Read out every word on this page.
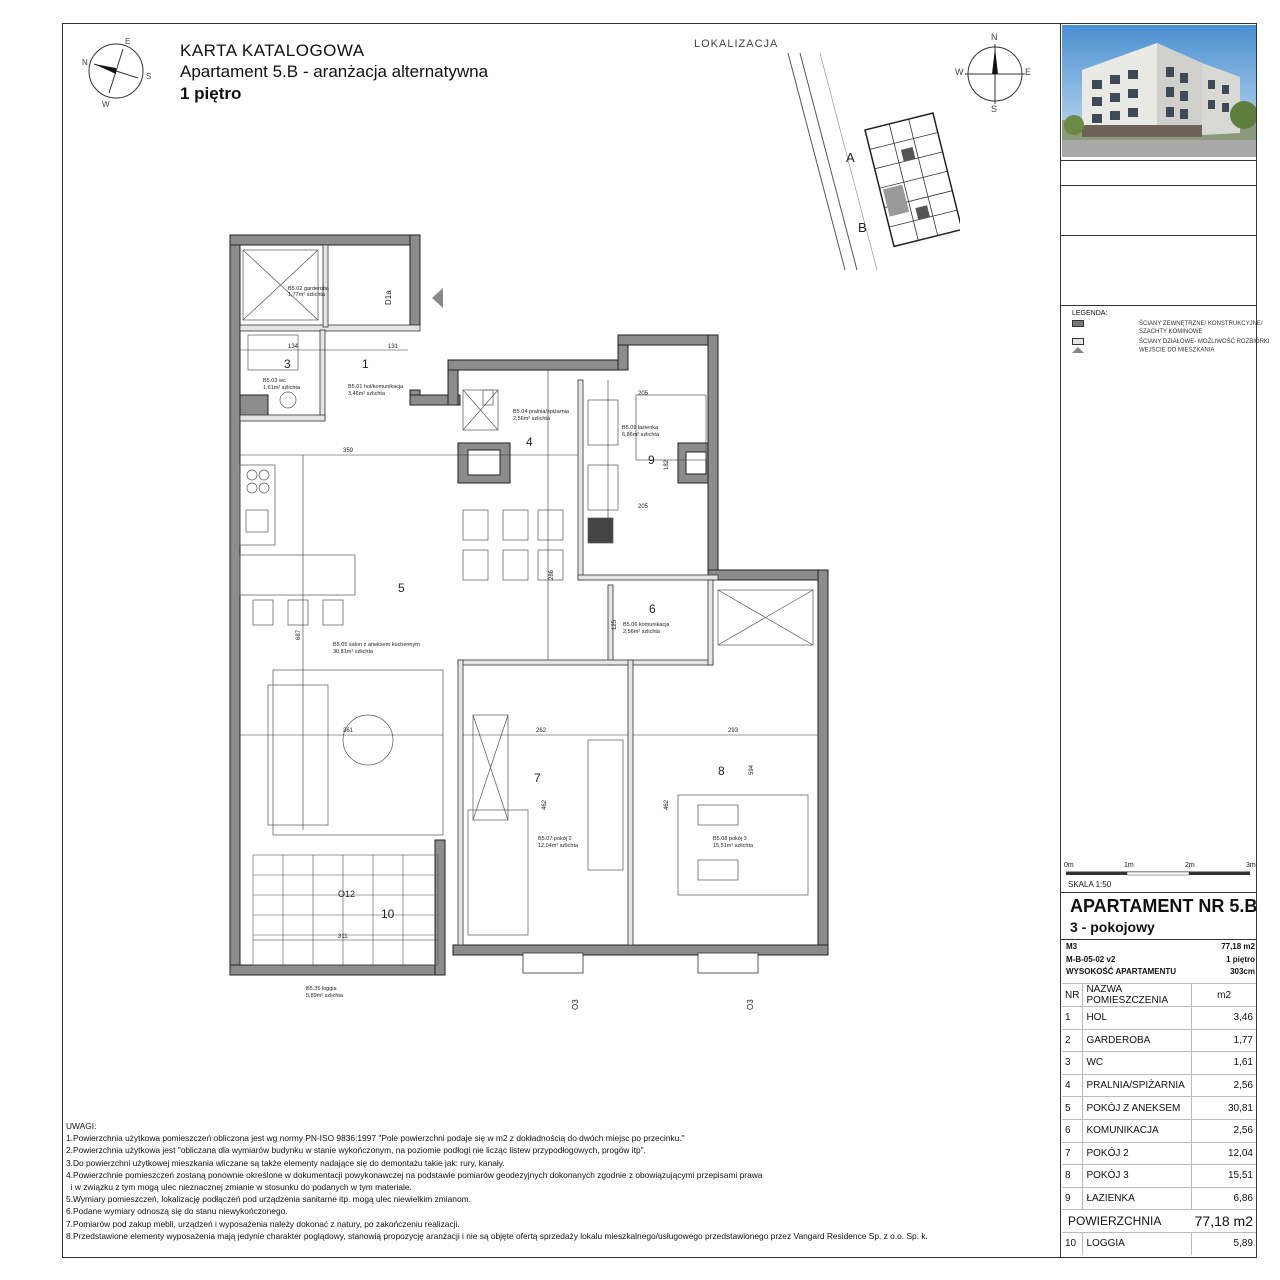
N
E
S
W
KARTA KATALOGOWA
Apartament 5.B - aranżacja alternatywna
1 piętro
LOKALIZACJA
A
B
N
E
S
W
LEGENDA:
ŚCIANY ZEWNĘTRZNE/ KONSTRUKCYJNE/
SZACHTY KOMINOWE
ŚCIANY DZIAŁOWE- MOŻLIWOŚĆ ROZBIÓRKI
WEJŚCIE DO MIESZKANIA
0m	1m	2m	3m
SKALA 1:50
APARTAMENT NR 5.B
3 - pokojowy
M3	77,18 m2
M-B-05-02 v2	1 piętro
WYSOKOŚĆ APARTAMENTU	303cm
NR	NAZWA POMIESZCZENIA	m2
1	HOL	3,46
2	GARDEROBA	1,77
3	WC	1,61
4	PRALNIA/SPIŻARNIA	2,56
5	POKÓJ Z ANEKSEM	30,81
6	KOMUNIKACJA	2,56
7	POKÓJ 2	12,04
8	POKÓJ 3	15,51
9	ŁAZIENKA	6,86
POWIERZCHNIA		77,18 m2
10	LOGGIA	5,89
B5.02 garderoba
1,77m² szlichta
1
B5.01 hol/komunikacja
3,46m² szlichta
3
B5.03 wc
1,61m² szlichta
4
B5.04 pralnia/spiżarnia
2,56m² szlichta
9
B5.09 łazienka
6,86m² szlichta
5
B5.05 salon z aneksem kuchennym
30,81m² szlichta
6
B5.06 komunikacja
2,56m² szlichta
7
B5.07 pokój 2
12,04m² szlichta
8
B5.08 pokój 3
15,51m² szlichta
10
B5.35 loggia
5,89m² szlichta
O12
134	131
359
205
205
361	262	293
311
687
462	462
594
125
182
286
D1a
O3	O3
UWAGI:
1.Powierzchnia użytkowa pomieszczeń obliczona jest wg normy PN-ISO 9836:1997 "Pole powierzchni podaje się w m2 z dokładnością do dwóch miejsc po przecinku."
2.Powierzchnia użytkowa jest "obliczana dla wymiarów budynku w stanie wykończonym, na poziomie podłogi nie licząc listew przypodłogowych, progów itp".
3.Do powierzchni użytkowej mieszkania wliczane są także elementy nadające się do demontażu takie jak: rury, kanały.
4.Powierzchnie pomieszczeń zostaną ponownie określone w dokumentacji powykonawczej na podstawie pomiarów geodezyjnych dokonanych zgodnie z obowiązującymi przepisami prawa
i w związku z tym mogą ulec nieznacznej zmianie w stosunku do podanych w tym materiale.
5.Wymiary pomieszczeń, lokalizację podłączeń pod urządzenia sanitarne itp. mogą ulec niewielkim zmianom.
6.Podane wymiary odnoszą się do stanu niewykończonego.
7.Pomiarów pod zakup mebli, urządzeń i wyposażenia należy dokonać z natury, po zakończeniu realizacji.
8.Przedstawione elementy wyposażenia mają jedynie charakter poglądowy, stanowią propozycję aranżacji i nie są objęte ofertą sprzedaży lokalu mieszkalnego/usługowego przedstawionego przez Vangard Residence Sp. z o.o. Sp. k.
